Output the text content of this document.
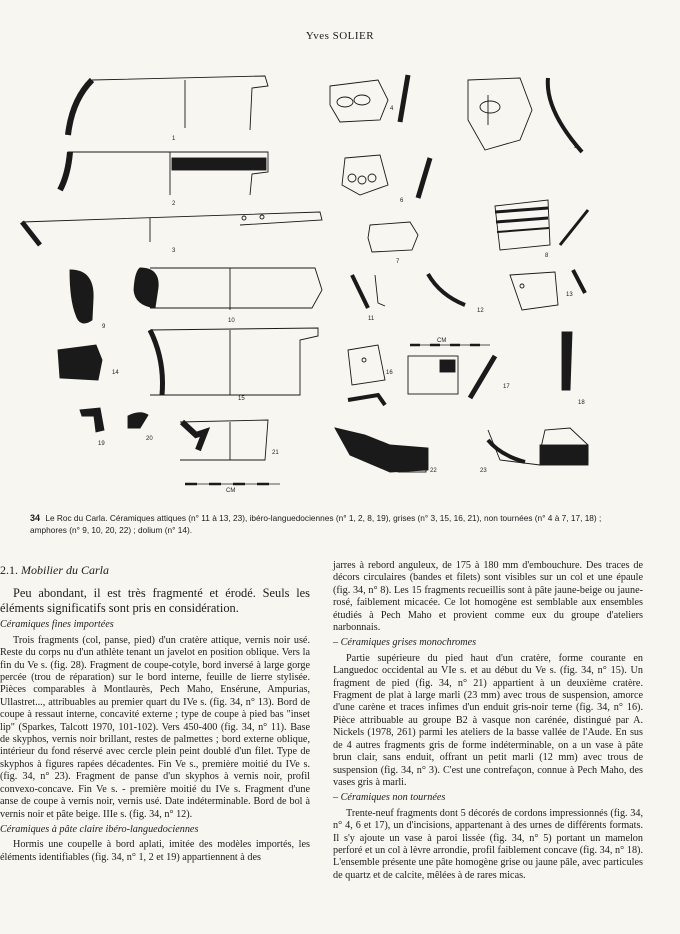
Yves SOLIER
CM
CM
1
2
3
4
5
6
7
8
9
10	11
12
13
14
15
16
17
18
19
20
21
22	23
34 Le Roc du Carla. Céramiques attiques (n° 11 à 13, 23), ibéro-languedociennes (n° 1, 2, 8, 19), grises (n° 3, 15, 16, 21), non tournées (n° 4 à 7, 17, 18) ; amphores (n° 9, 10, 20, 22) ; dolium (n° 14).
2.1. Mobilier du Carla

Peu abondant, il est très fragmenté et érodé. Seuls les éléments significatifs sont pris en considération.

Céramiques fines importées

Trois fragments (col, panse, pied) d'un cratère attique, vernis noir usé. Reste du corps nu d'un athlète tenant un javelot en position oblique. Vers la fin du Ve s. (fig. 28). Fragment de coupe-cotyle, bord inversé à large gorge percée (trou de réparation) sur le bord interne, feuille de lierre stylisée. Pièces comparables à Montlaurès, Pech Maho, Ensérune, Ampurias, Ullastret..., attribuables au premier quart du IVe s. (fig. 34, n° 13). Bord de coupe à ressaut interne, concavité externe ; type de coupe à pied bas "inset lip" (Sparkes, Talcott 1970, 101-102). Vers 450-400 (fig. 34, n° 11). Base de skyphos, vernis noir brillant, restes de palmettes ; bord externe oblique, intérieur du fond réservé avec cercle plein peint doublé d'un filet. Type de skyphos à figures rapées décadentes. Fin Ve s., première moitié du IVe s. (fig. 34, n° 23). Fragment de panse d'un skyphos à vernis noir, profil convexo-concave. Fin Ve s. - première moitié du IVe s. Fragment d'une anse de coupe à vernis noir, vernis usé. Date indéterminable. Bord de bol à vernis noir et pâte beige. IIIe s. (fig. 34, n° 12).

Céramiques à pâte claire ibéro-languedociennes

Hormis une coupelle à bord aplati, imitée des modèles importés, les éléments identifiables (fig. 34, n° 1, 2 et 19) appartiennent à des

jarres à rebord anguleux, de 175 à 180 mm d'embouchure. Des traces de décors circulaires (bandes et filets) sont visibles sur un col et une épaule (fig. 34, n° 8). Les 15 fragments recueillis sont à pâte jaune-beige ou jaune-rosé, faiblement micacée. Ce lot homogène est semblable aux ensembles étudiés à Pech Maho et provient comme eux du groupe d'ateliers narbonnais.

– Céramiques grises monochromes

Partie supérieure du pied haut d'un cratère, forme courante en Languedoc occidental au VIe s. et au début du Ve s. (fig. 34, n° 15). Un fragment de pied (fig. 34, n° 21) appartient à un deuxième cratère. Fragment de plat à large marli (23 mm) avec trous de suspension, amorce d'une carène et traces infimes d'un enduit gris-noir terne (fig. 34, n° 16). Pièce attribuable au groupe B2 à vasque non carénée, distingué par A. Nickels (1978, 261) parmi les ateliers de la basse vallée de l'Aude. En sus de 4 autres fragments gris de forme indéterminable, on a un vase à pâte brun clair, sans enduit, offrant un petit marli (12 mm) avec trous de suspension (fig. 34, n° 3). C'est une contrefaçon, connue à Pech Maho, des vases gris à marli.

– Céramiques non tournées

Trente-neuf fragments dont 5 décorés de cordons impressionnés (fig. 34, n° 4, 6 et 17), un d'incisions, appartenant à des urnes de différents formats. Il s'y ajoute un vase à paroi lissée (fig. 34, n° 5) portant un mamelon perforé et un col à lèvre arrondie, profil faiblement concave (fig. 34, n° 18). L'ensemble présente une pâte homogène grise ou jaune pâle, avec particules de quartz et de calcite, mêlées à de rares micas.
